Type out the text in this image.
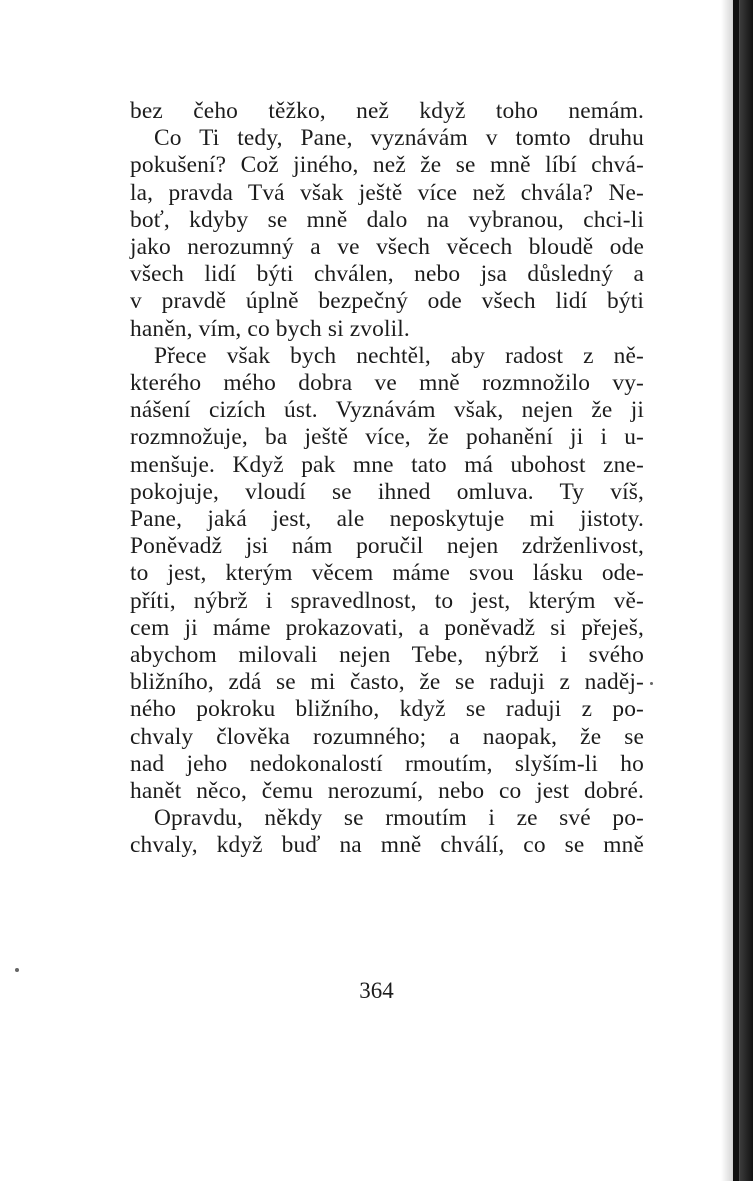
bez čeho těžko, než když toho nemám.
Co Ti tedy, Pane, vyznávám v tomto druhu
pokušení? Což jiného, než že se mně líbí chvá-
la, pravda Tvá však ještě více než chvála? Ne-
boť, kdyby se mně dalo na vybranou, chci-li
jako nerozumný a ve všech věcech bloudě ode
všech lidí býti chválen, nebo jsa důsledný a
v pravdě úplně bezpečný ode všech lidí býti
haněn, vím, co bych si zvolil.
Přece však bych nechtěl, aby radost z ně-
kterého mého dobra ve mně rozmnožilo vy-
nášení cizích úst. Vyznávám však, nejen že ji
rozmnožuje, ba ještě více, že pohanění ji i u-
menšuje. Když pak mne tato má ubohost zne-
pokojuje, vloudí se ihned omluva. Ty víš,
Pane, jaká jest, ale neposkytuje mi jistoty.
Poněvadž jsi nám poručil nejen zdrženlivost,
to jest, kterým věcem máme svou lásku ode-
příti, nýbrž i spravedlnost, to jest, kterým vě-
cem ji máme prokazovati, a poněvadž si přeješ,
abychom milovali nejen Tebe, nýbrž i svého
bližního, zdá se mi často, že se raduji z naděj-
ného pokroku bližního, když se raduji z po-
chvaly člověka rozumného; a naopak, že se
nad jeho nedokonalostí rmoutím, slyším-li ho
hanět něco, čemu nerozumí, nebo co jest dobré.
Opravdu, někdy se rmoutím i ze své po-
chvaly, když buď na mně chválí, co se mně
364
